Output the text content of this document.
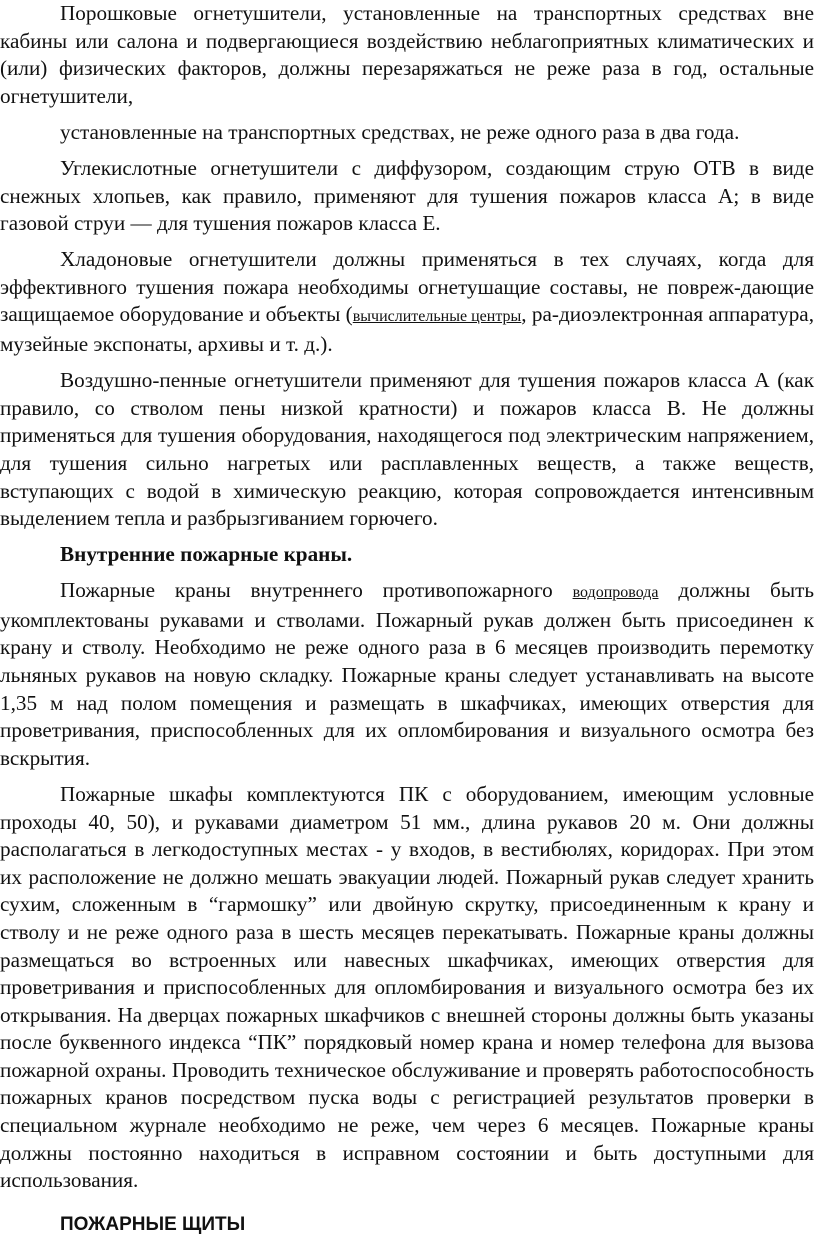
Порошковые огнетушители, установленные на транспортных средствах вне кабины или салона и подвергающиеся воздействию неблагоприятных климатических и (или) физических факторов, должны перезаряжаться не реже раза в год, остальные огнетушители,

установленные на транспортных средствах, не реже одного раза в два года.

Углекислотные огнетушители с диффузором, создающим струю ОТВ в виде снежных хлопьев, как правило, применяют для тушения пожаров класса А; в виде газовой струи — для тушения пожаров класса Е.

Хладоновые огнетушители должны применяться в тех случаях, когда для эффективного тушения пожара необходимы огнетушащие составы, не повреж-дающие защищаемое оборудование и объекты (вычислительные центры, ра-диоэлектронная аппаратура, музейные экспонаты, архивы и т. д.).

Воздушно-пенные огнетушители применяют для тушения пожаров класса А (как правило, со стволом пены низкой кратности) и пожаров класса В. Не должны применяться для тушения оборудования, находящегося под электрическим напряжением, для тушения сильно нагретых или расплавленных веществ, а также веществ, вступающих с водой в химическую реакцию, которая сопровождается интенсивным выделением тепла и разбрызгиванием горючего.

Внутренние пожарные краны.

Пожарные краны внутреннего противопожарного водопровода должны быть укомплектованы рукавами и стволами. Пожарный рукав должен быть присоединен к крану и стволу. Необходимо не реже одного раза в 6 месяцев производить перемотку льняных рукавов на новую складку. Пожарные краны следует устанавливать на высоте 1,35 м над полом помещения и размещать в шкафчиках, имеющих отверстия для проветривания, приспособленных для их опломбирования и визуального осмотра без вскрытия.

Пожарные шкафы комплектуются ПК с оборудованием, имеющим условные проходы 40, 50), и рукавами диаметром 51 мм., длина рукавов 20 м. Они должны располагаться в легкодоступных местах - у входов, в вестибюлях, коридорах. При этом их расположение не должно мешать эвакуации людей. Пожарный рукав следует хранить сухим, сложенным в “гармошку” или двойную скрутку, присоединенным к крану и стволу и не реже одного раза в шесть месяцев перекатывать. Пожарные краны должны размещаться во встроенных или навесных шкафчиках, имеющих отверстия для проветривания и приспособленных для опломбирования и визуального осмотра без их открывания. На дверцах пожарных шкафчиков с внешней стороны должны быть указаны после буквенного индекса “ПК” порядковый номер крана и номер телефона для вызова пожарной охраны. Проводить техническое обслуживание и проверять работоспособность пожарных кранов посредством пуска воды с регистрацией результатов проверки в специальном журнале необходимо не реже, чем через 6 месяцев. Пожарные краны должны постоянно находиться в исправном состоянии и быть доступными для использования.

ПОЖАРНЫЕ ЩИТЫ
